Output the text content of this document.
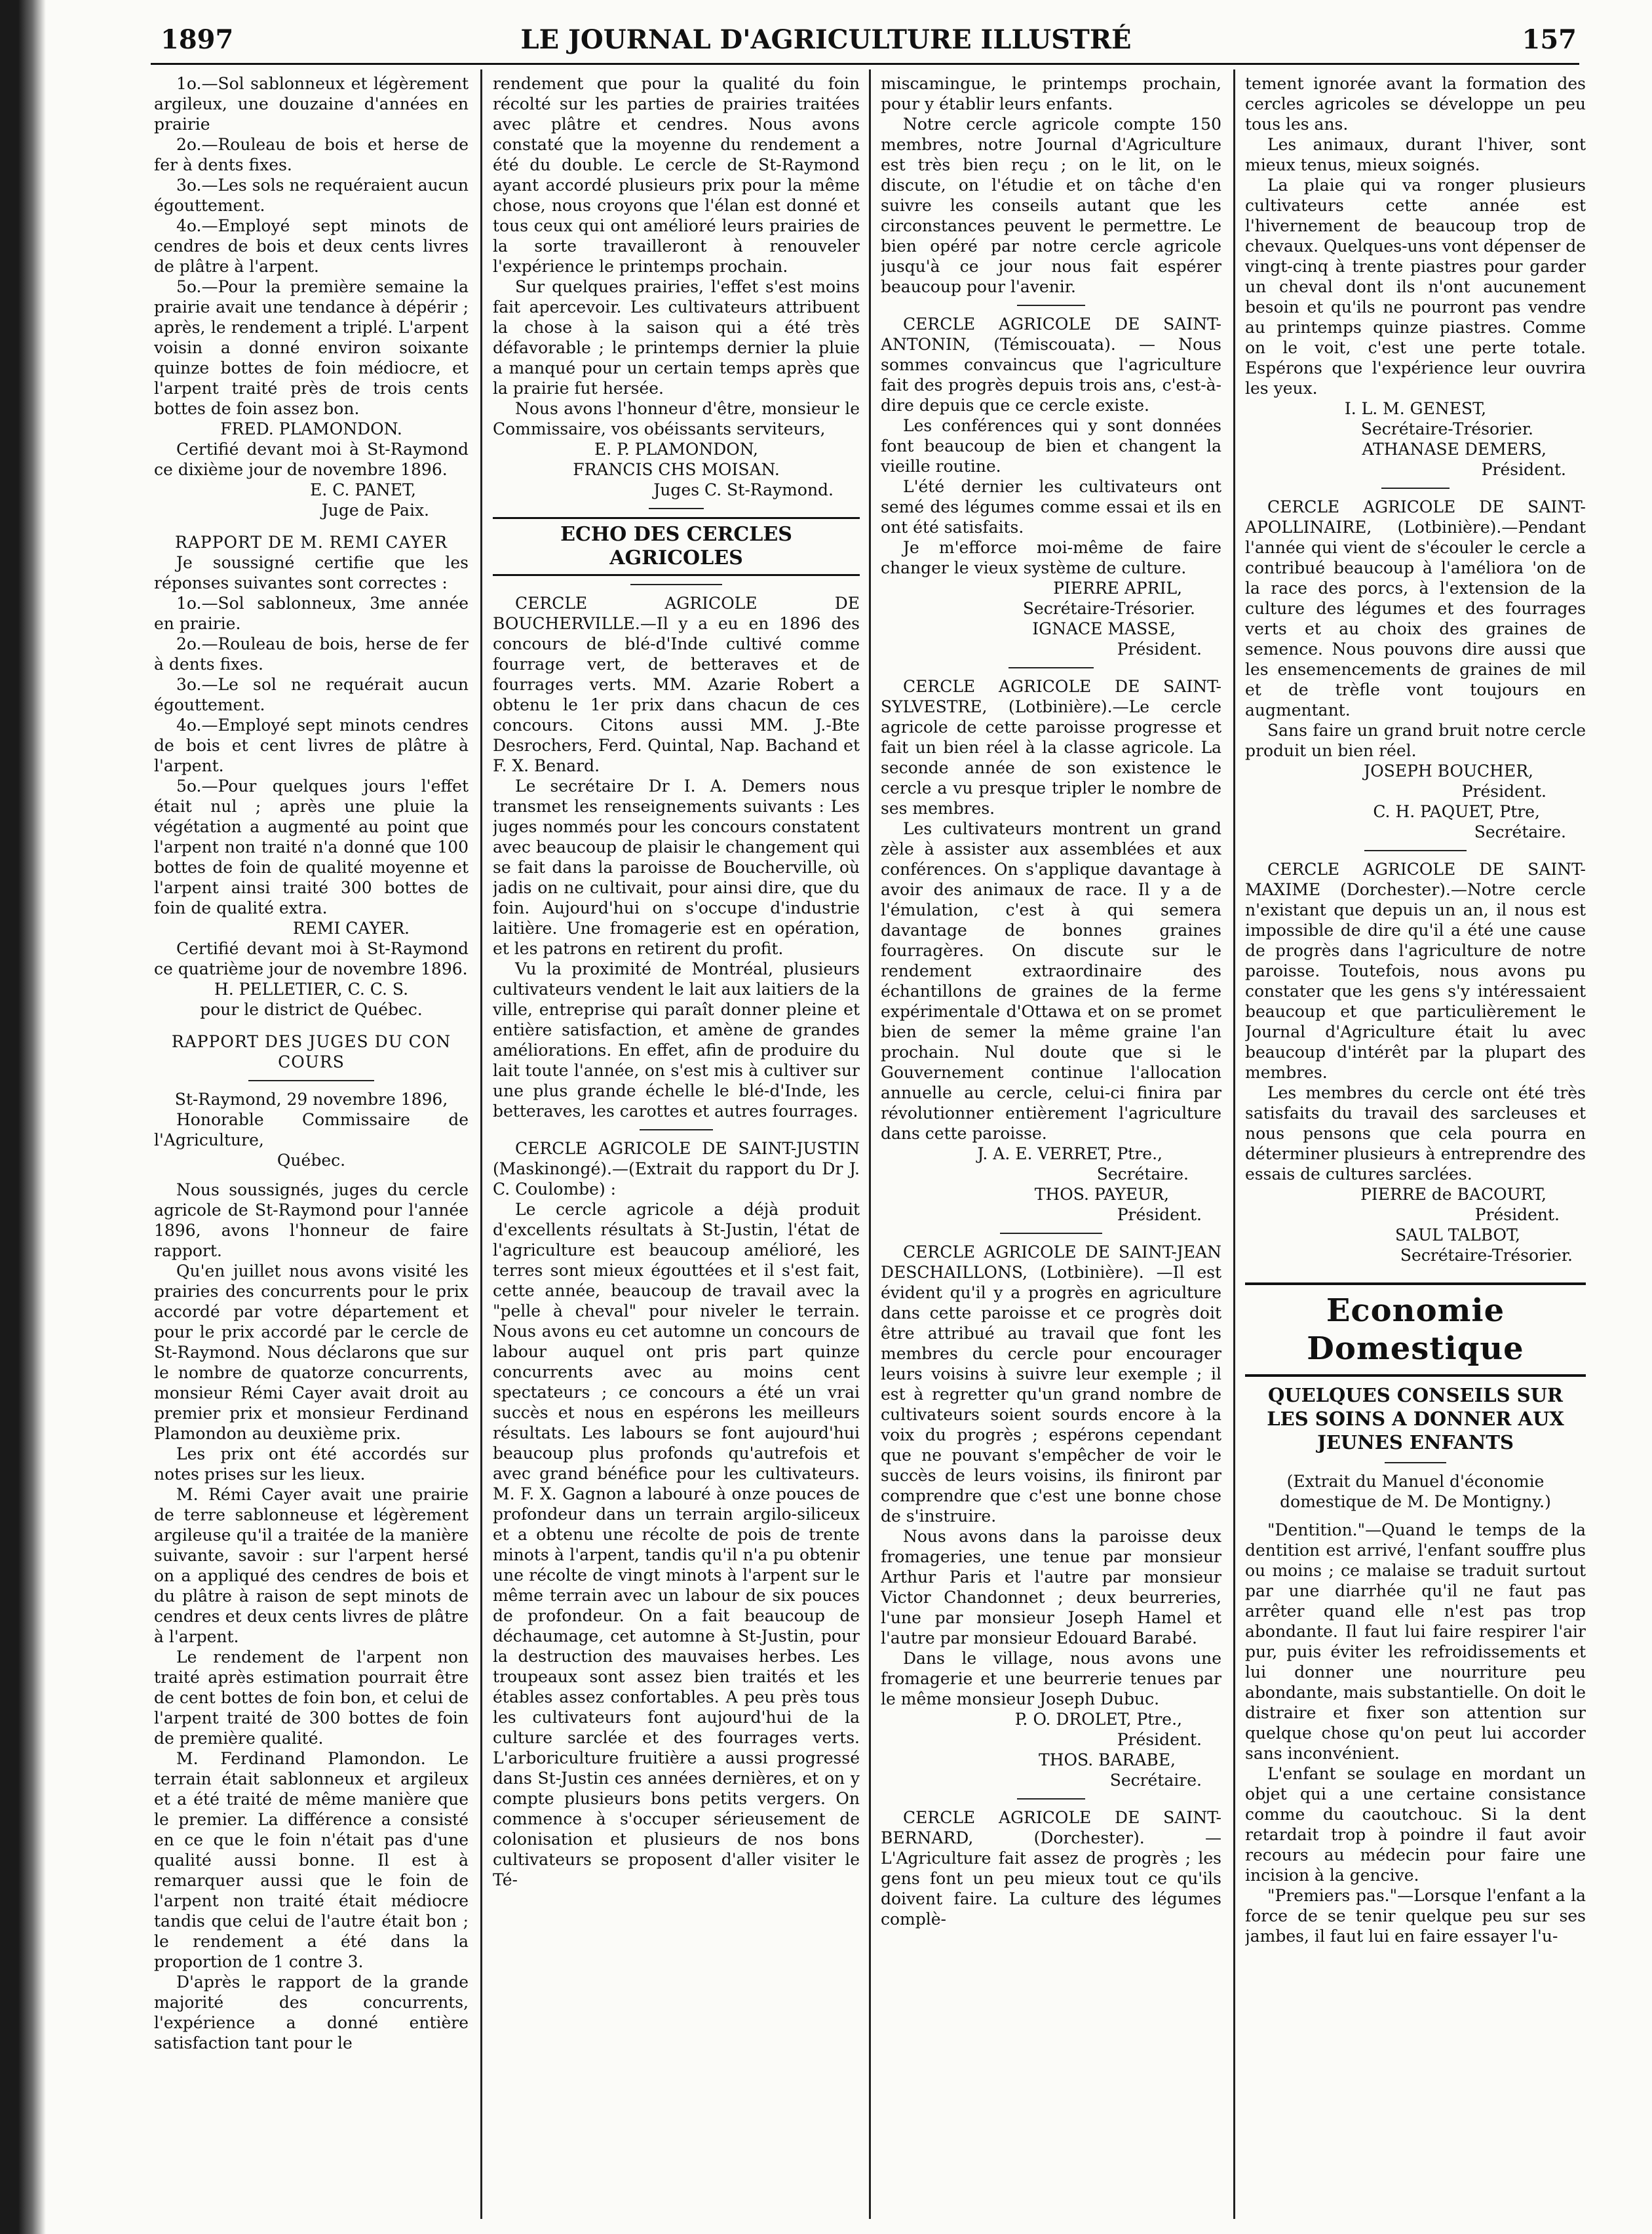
1897	LE JOURNAL D'AGRICULTURE ILLUSTRÉ	157

1o.—Sol sablonneux et légèrement argileux, une douzaine d'années en prairie

2o.—Rouleau de bois et herse de fer à dents fixes.

3o.—Les sols ne requéraient aucun égouttement.

4o.—Employé sept minots de cendres de bois et deux cents livres de plâtre à l'arpent.

5o.—Pour la première semaine la prairie avait une tendance à dépérir ; après, le rendement a triplé. L'arpent voisin a donné environ soixante quinze bottes de foin médiocre, et l'arpent traité près de trois cents bottes de foin assez bon.

FRED. PLAMONDON.

Certifié devant moi à St-Raymond ce dixième jour de novembre 1896.

E. C. PANET,

Juge de Paix.

RAPPORT DE M. REMI CAYER

Je soussigné certifie que les réponses suivantes sont correctes :

1o.—Sol sablonneux, 3me année en prairie.

2o.—Rouleau de bois, herse de fer à dents fixes.

3o.—Le sol ne requérait aucun égouttement.

4o.—Employé sept minots cendres de bois et cent livres de plâtre à l'arpent.

5o.—Pour quelques jours l'effet était nul ; après une pluie la végétation a augmenté au point que l'arpent non traité n'a donné que 100 bottes de foin de qualité moyenne et l'arpent ainsi traité 300 bottes de foin de qualité extra.

REMI CAYER.

Certifié devant moi à St-Raymond ce quatrième jour de novembre 1896.

H. PELLETIER, C. C. S.

pour le district de Québec.

RAPPORT DES JUGES DU CON COURS

St-Raymond, 29 novembre 1896,

Honorable Commissaire de l'Agriculture,

Québec.

Nous soussignés, juges du cercle agricole de St-Raymond pour l'année 1896, avons l'honneur de faire rapport.

Qu'en juillet nous avons visité les prairies des concurrents pour le prix accordé par votre département et pour le prix accordé par le cercle de St-Raymond. Nous déclarons que sur le nombre de quatorze concurrents, monsieur Rémi Cayer avait droit au premier prix et monsieur Ferdinand Plamondon au deuxième prix.

Les prix ont été accordés sur notes prises sur les lieux.

M. Rémi Cayer avait une prairie de terre sablonneuse et légèrement argileuse qu'il a traitée de la manière suivante, savoir : sur l'arpent hersé on a appliqué des cendres de bois et du plâtre à raison de sept minots de cendres et deux cents livres de plâtre à l'arpent.

Le rendement de l'arpent non traité après estimation pourrait être de cent bottes de foin bon, et celui de l'arpent traité de 300 bottes de foin de première qualité.

M. Ferdinand Plamondon. Le terrain était sablonneux et argileux et a été traité de même manière que le premier. La différence a consisté en ce que le foin n'était pas d'une qualité aussi bonne. Il est à remarquer aussi que le foin de l'arpent non traité était médiocre tandis que celui de l'autre était bon ; le rendement a été dans la proportion de 1 contre 3.

D'après le rapport de la grande majorité des concurrents, l'expérience a donné entière satisfaction tant pour le

rendement que pour la qualité du foin récolté sur les parties de prairies traitées avec plâtre et cendres. Nous avons constaté que la moyenne du rendement a été du double. Le cercle de St-Raymond ayant accordé plusieurs prix pour la même chose, nous croyons que l'élan est donné et tous ceux qui ont amélioré leurs prairies de la sorte travailleront à renouveler l'expérience le printemps prochain.

Sur quelques prairies, l'effet s'est moins fait apercevoir. Les cultivateurs attribuent la chose à la saison qui a été très défavorable ; le printemps dernier la pluie a manqué pour un certain temps après que la prairie fut hersée.

Nous avons l'honneur d'être, monsieur le Commissaire, vos obéissants serviteurs,

E. P. PLAMONDON,

FRANCIS CHS MOISAN.

Juges C. St-Raymond.

ECHO DES CERCLES AGRICOLES

CERCLE AGRICOLE DE BOUCHERVILLE.—Il y a eu en 1896 des concours de blé-d'Inde cultivé comme fourrage vert, de betteraves et de fourrages verts. MM. Azarie Robert a obtenu le 1er prix dans chacun de ces concours. Citons aussi MM. J.-Bte Desrochers, Ferd. Quintal, Nap. Bachand et F. X. Benard.

Le secrétaire Dr I. A. Demers nous transmet les renseignements suivants : Les juges nommés pour les concours constatent avec beaucoup de plaisir le changement qui se fait dans la paroisse de Boucherville, où jadis on ne cultivait, pour ainsi dire, que du foin. Aujourd'hui on s'occupe d'industrie laitière. Une fromagerie est en opération, et les patrons en retirent du profit.

Vu la proximité de Montréal, plusieurs cultivateurs vendent le lait aux laitiers de la ville, entreprise qui paraît donner pleine et entière satisfaction, et amène de grandes améliorations. En effet, afin de produire du lait toute l'année, on s'est mis à cultiver sur une plus grande échelle le blé-d'Inde, les betteraves, les carottes et autres fourrages.

CERCLE AGRICOLE DE SAINT-JUSTIN (Maskinongé).—(Extrait du rapport du Dr J. C. Coulombe) :

Le cercle agricole a déjà produit d'excellents résultats à St-Justin, l'état de l'agriculture est beaucoup amélioré, les terres sont mieux égouttées et il s'est fait, cette année, beaucoup de travail avec la "pelle à cheval" pour niveler le terrain. Nous avons eu cet automne un concours de labour auquel ont pris part quinze concurrents avec au moins cent spectateurs ; ce concours a été un vrai succès et nous en espérons les meilleurs résultats. Les labours se font aujourd'hui beaucoup plus profonds qu'autrefois et avec grand bénéfice pour les cultivateurs. M. F. X. Gagnon a labouré à onze pouces de profondeur dans un terrain argilo-siliceux et a obtenu une récolte de pois de trente minots à l'arpent, tandis qu'il n'a pu obtenir une récolte de vingt minots à l'arpent sur le même terrain avec un labour de six pouces de profondeur. On a fait beaucoup de déchaumage, cet automne à St-Justin, pour la destruction des mauvaises herbes. Les troupeaux sont assez bien traités et les étables assez confortables. A peu près tous les cultivateurs font aujourd'hui de la culture sarclée et des fourrages verts. L'arboriculture fruitière a aussi progressé dans St-Justin ces années dernières, et on y compte plusieurs bons petits vergers. On commence à s'occuper sérieusement de colonisation et plusieurs de nos bons cultivateurs se proposent d'aller visiter le Té-

miscamingue, le printemps prochain, pour y établir leurs enfants.

Notre cercle agricole compte 150 membres, notre Journal d'Agriculture est très bien reçu ; on le lit, on le discute, on l'étudie et on tâche d'en suivre les conseils autant que les circonstances peuvent le permettre. Le bien opéré par notre cercle agricole jusqu'à ce jour nous fait espérer beaucoup pour l'avenir.

CERCLE AGRICOLE DE SAINT-ANTONIN, (Témiscouata). — Nous sommes convaincus que l'agriculture fait des progrès depuis trois ans, c'est-à-dire depuis que ce cercle existe.

Les conférences qui y sont données font beaucoup de bien et changent la vieille routine.

L'été dernier les cultivateurs ont semé des légumes comme essai et ils en ont été satisfaits.

Je m'efforce moi-même de faire changer le vieux système de culture.

PIERRE APRIL,

Secrétaire-Trésorier.

IGNACE MASSE,

Président.

CERCLE AGRICOLE DE SAINT-SYLVESTRE, (Lotbinière).—Le cercle agricole de cette paroisse progresse et fait un bien réel à la classe agricole. La seconde année de son existence le cercle a vu presque tripler le nombre de ses membres.

Les cultivateurs montrent un grand zèle à assister aux assemblées et aux conférences. On s'applique davantage à avoir des animaux de race. Il y a de l'émulation, c'est à qui semera davantage de bonnes graines fourragères. On discute sur le rendement extraordinaire des échantillons de graines de la ferme expérimentale d'Ottawa et on se promet bien de semer la même graine l'an prochain. Nul doute que si le Gouvernement continue l'allocation annuelle au cercle, celui-ci finira par révolutionner entièrement l'agriculture dans cette paroisse.

J. A. E. VERRET, Ptre.,

Secrétaire.

THOS. PAYEUR,

Président.

CERCLE AGRICOLE DE SAINT-JEAN DESCHAILLONS, (Lotbinière). —Il est évident qu'il y a progrès en agriculture dans cette paroisse et ce progrès doit être attribué au travail que font les membres du cercle pour encourager leurs voisins à suivre leur exemple ; il est à regretter qu'un grand nombre de cultivateurs soient sourds encore à la voix du progrès ; espérons cependant que ne pouvant s'empêcher de voir le succès de leurs voisins, ils finiront par comprendre que c'est une bonne chose de s'instruire.

Nous avons dans la paroisse deux fromageries, une tenue par monsieur Arthur Paris et l'autre par monsieur Victor Chandonnet ; deux beurreries, l'une par monsieur Joseph Hamel et l'autre par monsieur Edouard Barabé.

Dans le village, nous avons une fromagerie et une beurrerie tenues par le même monsieur Joseph Dubuc.

P. O. DROLET, Ptre.,

Président.

THOS. BARABE,

Secrétaire.

CERCLE AGRICOLE DE SAINT-BERNARD, (Dorchester). — L'Agriculture fait assez de progrès ; les gens font un peu mieux tout ce qu'ils doivent faire. La culture des légumes complè-

tement ignorée avant la formation des cercles agricoles se développe un peu tous les ans.

Les animaux, durant l'hiver, sont mieux tenus, mieux soignés.

La plaie qui va ronger plusieurs cultivateurs cette année est l'hivernement de beaucoup trop de chevaux. Quelques-uns vont dépenser de vingt-cinq à trente piastres pour garder un cheval dont ils n'ont aucunement besoin et qu'ils ne pourront pas vendre au printemps quinze piastres. Comme on le voit, c'est une perte totale. Espérons que l'expérience leur ouvrira les yeux.

I. L. M. GENEST,

Secrétaire-Trésorier.

ATHANASE DEMERS,

Président.

CERCLE AGRICOLE DE SAINT-APOLLINAIRE, (Lotbinière).—Pendant l'année qui vient de s'écouler le cercle a contribué beaucoup à l'améliora 'on de la race des porcs, à l'extension de la culture des légumes et des fourrages verts et au choix des graines de semence. Nous pouvons dire aussi que les ensemencements de graines de mil et de trèfle vont toujours en augmentant.

Sans faire un grand bruit notre cercle produit un bien réel.

JOSEPH BOUCHER,

Président.

C. H. PAQUET, Ptre,

Secrétaire.

CERCLE AGRICOLE DE SAINT-MAXIME (Dorchester).—Notre cercle n'existant que depuis un an, il nous est impossible de dire qu'il a été une cause de progrès dans l'agriculture de notre paroisse. Toutefois, nous avons pu constater que les gens s'y intéressaient beaucoup et que particulièrement le Journal d'Agriculture était lu avec beaucoup d'intérêt par la plupart des membres.

Les membres du cercle ont été très satisfaits du travail des sarcleuses et nous pensons que cela pourra en déterminer plusieurs à entreprendre des essais de cultures sarclées.

PIERRE de BACOURT,

Président.

SAUL TALBOT,

Secrétaire-Trésorier.

Economie Domestique
QUELQUES CONSEILS SUR LES SOINS A DONNER AUX JEUNES ENFANTS

(Extrait du Manuel d'économie domestique de M. De Montigny.)

"Dentition."—Quand le temps de la dentition est arrivé, l'enfant souffre plus ou moins ; ce malaise se traduit surtout par une diarrhée qu'il ne faut pas arrêter quand elle n'est pas trop abondante. Il faut lui faire respirer l'air pur, puis éviter les refroidissements et lui donner une nourriture peu abondante, mais substantielle. On doit le distraire et fixer son attention sur quelque chose qu'on peut lui accorder sans inconvénient.

L'enfant se soulage en mordant un objet qui a une certaine consistance comme du caoutchouc. Si la dent retardait trop à poindre il faut avoir recours au médecin pour faire une incision à la gencive.

"Premiers pas."—Lorsque l'enfant a la force de se tenir quelque peu sur ses jambes, il faut lui en faire essayer l'u-
